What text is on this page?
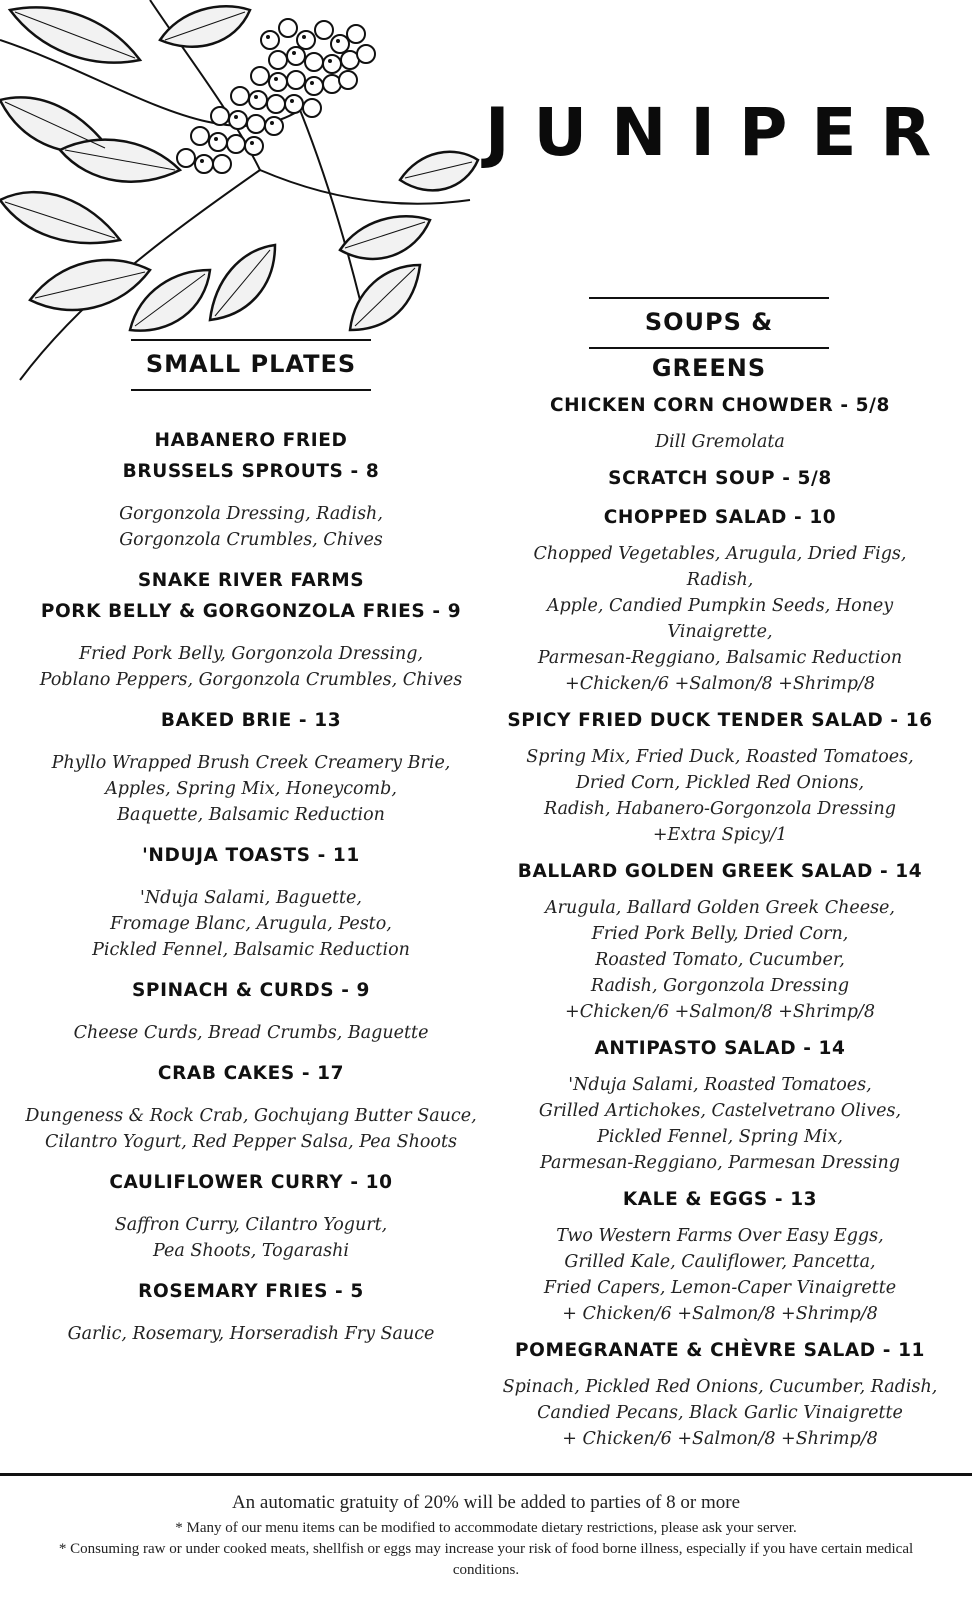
JUNIPER
SMALL PLATES
SOUPS & GREENS
HABANERO FRIED
BRUSSELS SPROUTS - 8
Gorgonzola Dressing, Radish,
Gorgonzola Crumbles, Chives
SNAKE RIVER FARMS
PORK BELLY & GORGONZOLA FRIES - 9
Fried Pork Belly, Gorgonzola Dressing,
Poblano Peppers, Gorgonzola Crumbles, Chives
BAKED BRIE - 13
Phyllo Wrapped Brush Creek Creamery Brie,
Apples, Spring Mix, Honeycomb,
Baquette, Balsamic Reduction
'NDUJA TOASTS - 11
'Nduja Salami, Baguette,
Fromage Blanc, Arugula, Pesto,
Pickled Fennel, Balsamic Reduction
SPINACH & CURDS - 9
Cheese Curds, Bread Crumbs, Baguette
CRAB CAKES - 17
Dungeness & Rock Crab, Gochujang Butter Sauce,
Cilantro Yogurt, Red Pepper Salsa, Pea Shoots
CAULIFLOWER CURRY - 10
Saffron Curry, Cilantro Yogurt,
Pea Shoots, Togarashi
ROSEMARY FRIES - 5
Garlic, Rosemary, Horseradish Fry Sauce
CHICKEN CORN CHOWDER - 5/8
Dill Gremolata
SCRATCH SOUP - 5/8
CHOPPED SALAD - 10
Chopped Vegetables, Arugula, Dried Figs, Radish,
Apple, Candied Pumpkin Seeds, Honey Vinaigrette,
Parmesan-Reggiano, Balsamic Reduction
+Chicken/6 +Salmon/8 +Shrimp/8
SPICY FRIED DUCK TENDER SALAD - 16
Spring Mix, Fried Duck, Roasted Tomatoes,
Dried Corn, Pickled Red Onions,
Radish, Habanero-Gorgonzola Dressing
+Extra Spicy/1
BALLARD GOLDEN GREEK SALAD - 14
Arugula, Ballard Golden Greek Cheese,
Fried Pork Belly, Dried Corn,
Roasted Tomato, Cucumber,
Radish, Gorgonzola Dressing
+Chicken/6 +Salmon/8 +Shrimp/8
ANTIPASTO SALAD - 14
'Nduja Salami, Roasted Tomatoes,
Grilled Artichokes, Castelvetrano Olives,
Pickled Fennel, Spring Mix,
Parmesan-Reggiano, Parmesan Dressing
KALE & EGGS - 13
Two Western Farms Over Easy Eggs,
Grilled Kale, Cauliflower, Pancetta,
Fried Capers, Lemon-Caper Vinaigrette
+ Chicken/6 +Salmon/8 +Shrimp/8
POMEGRANATE & CHÈVRE SALAD - 11
Spinach, Pickled Red Onions, Cucumber, Radish,
Candied Pecans, Black Garlic Vinaigrette
+ Chicken/6 +Salmon/8 +Shrimp/8

An automatic gratuity of 20% will be added to parties of 8 or more

* Many of our menu items can be modified to accommodate dietary restrictions, please ask your server.

* Consuming raw or under cooked meats, shellfish or eggs may increase your risk of food borne illness, especially if you have certain medical conditions.
